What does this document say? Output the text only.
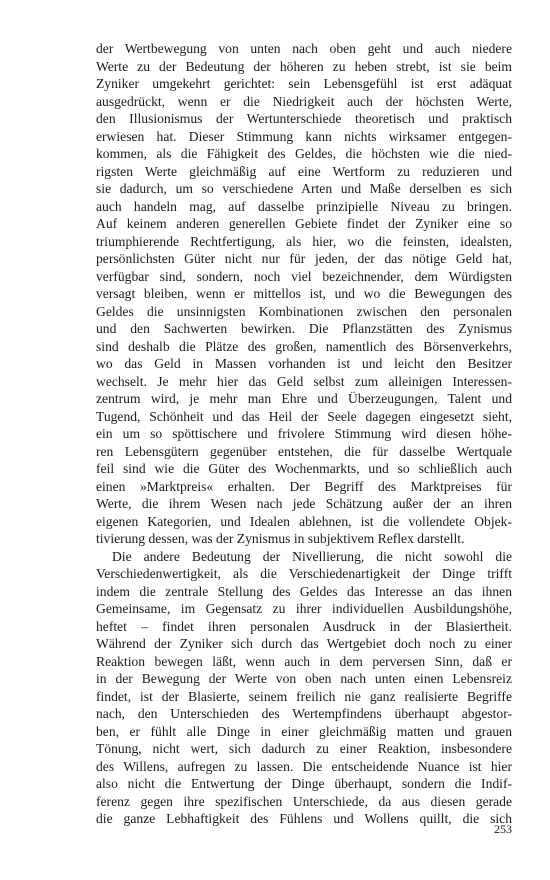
der Wertbewegung von unten nach oben geht und auch niedere
Werte zu der Bedeutung der höheren zu heben strebt, ist sie beim
Zyniker umgekehrt gerichtet: sein Lebensgefühl ist erst adäquat
ausgedrückt, wenn er die Niedrigkeit auch der höchsten Werte,
den Illusionismus der Wertunterschiede theoretisch und praktisch
erwiesen hat. Dieser Stimmung kann nichts wirksamer entgegen-
kommen, als die Fähigkeit des Geldes, die höchsten wie die nied-
rigsten Werte gleichmäßig auf eine Wertform zu reduzieren und
sie dadurch, um so verschiedene Arten und Maße derselben es sich
auch handeln mag, auf dasselbe prinzipielle Niveau zu bringen.
Auf keinem anderen generellen Gebiete findet der Zyniker eine so
triumphierende Rechtfertigung, als hier, wo die feinsten, idealsten,
persönlichsten Güter nicht nur für jeden, der das nötige Geld hat,
verfügbar sind, sondern, noch viel bezeichnender, dem Würdigsten
versagt bleiben, wenn er mittellos ist, und wo die Bewegungen des
Geldes die unsinnigsten Kombinationen zwischen den personalen
und den Sachwerten bewirken. Die Pflanzstätten des Zynismus
sind deshalb die Plätze des großen, namentlich des Börsenverkehrs,
wo das Geld in Massen vorhanden ist und leicht den Besitzer
wechselt. Je mehr hier das Geld selbst zum alleinigen Interessen-
zentrum wird, je mehr man Ehre und Überzeugungen, Talent und
Tugend, Schönheit und das Heil der Seele dagegen eingesetzt sieht,
ein um so spöttischere und frivolere Stimmung wird diesen höhe-
ren Lebensgütern gegenüber entstehen, die für dasselbe Wertquale
feil sind wie die Güter des Wochenmarkts, und so schließlich auch
einen »Marktpreis« erhalten. Der Begriff des Marktpreises für
Werte, die ihrem Wesen nach jede Schätzung außer der an ihren
eigenen Kategorien, und Idealen ablehnen, ist die vollendete Objek-
tivierung dessen, was der Zynismus in subjektivem Reflex darstellt.
Die andere Bedeutung der Nivellierung, die nicht sowohl die
Verschiedenwertigkeit, als die Verschiedenartigkeit der Dinge trifft
indem die zentrale Stellung des Geldes das Interesse an das ihnen
Gemeinsame, im Gegensatz zu ihrer individuellen Ausbildungshöhe,
heftet – findet ihren personalen Ausdruck in der Blasiertheit.
Während der Zyniker sich durch das Wertgebiet doch noch zu einer
Reaktion bewegen läßt, wenn auch in dem perversen Sinn, daß er
in der Bewegung der Werte von oben nach unten einen Lebensreiz
findet, ist der Blasierte, seinem freilich nie ganz realisierte Begriffe
nach, den Unterschieden des Wertempfindens überhaupt abgestor-
ben, er fühlt alle Dinge in einer gleichmäßig matten und grauen
Tönung, nicht wert, sich dadurch zu einer Reaktion, insbesondere
des Willens, aufregen zu lassen. Die entscheidende Nuance ist hier
also nicht die Entwertung der Dinge überhaupt, sondern die Indif-
ferenz gegen ihre spezifischen Unterschiede, da aus diesen gerade
die ganze Lebhaftigkeit des Fühlens und Wollens quillt, die sich
253
